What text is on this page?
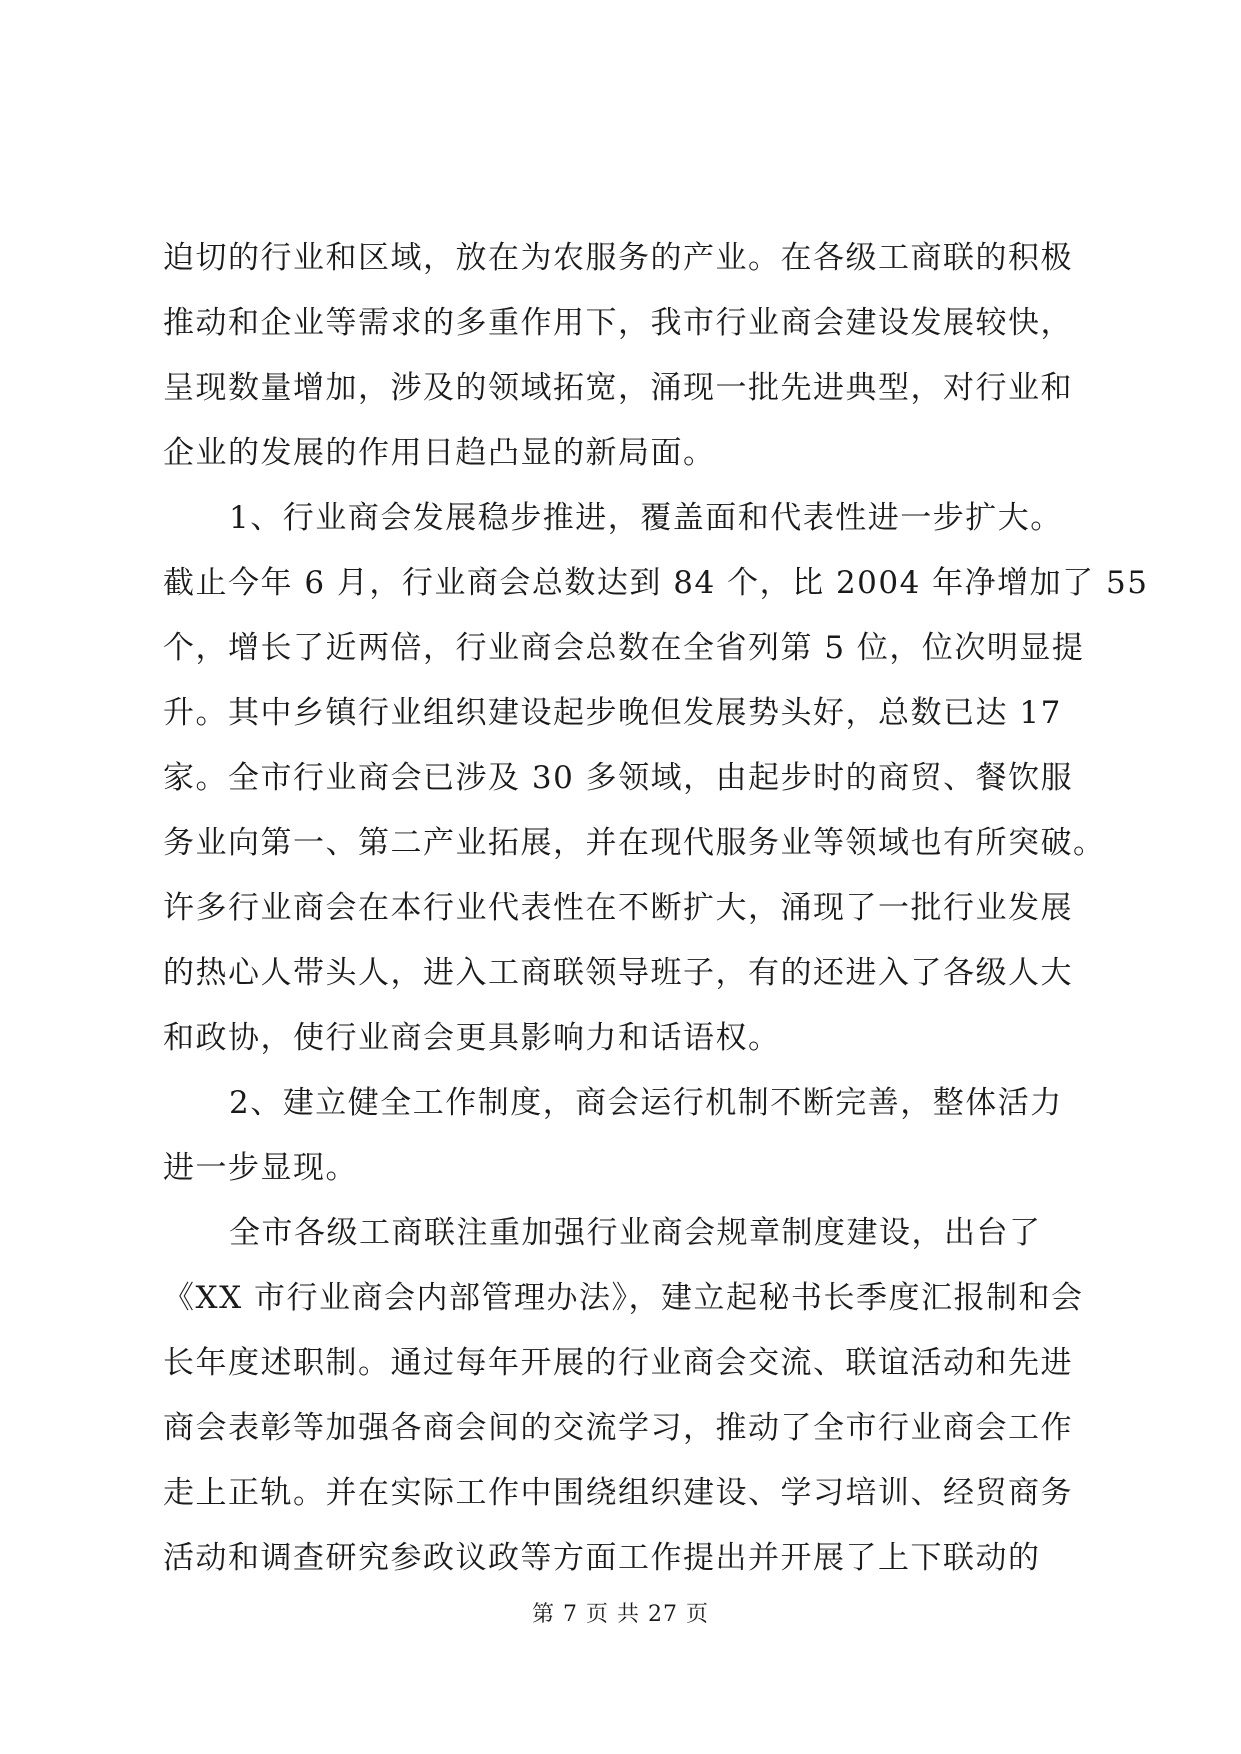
迫切的行业和区域，放在为农服务的产业。在各级工商联的积极
推动和企业等需求的多重作用下，我市行业商会建设发展较快，
呈现数量增加，涉及的领域拓宽，涌现一批先进典型，对行业和
企业的发展的作用日趋凸显的新局面。
1、行业商会发展稳步推进，覆盖面和代表性进一步扩大。
截止今年 6 月，行业商会总数达到 84 个，比 2004 年净增加了 55
个，增长了近两倍，行业商会总数在全省列第 5 位，位次明显提
升。其中乡镇行业组织建设起步晚但发展势头好，总数已达 17
家。全市行业商会已涉及 30 多领域，由起步时的商贸、餐饮服
务业向第一、第二产业拓展，并在现代服务业等领域也有所突破。
许多行业商会在本行业代表性在不断扩大，涌现了一批行业发展
的热心人带头人，进入工商联领导班子，有的还进入了各级人大
和政协，使行业商会更具影响力和话语权。
2、建立健全工作制度，商会运行机制不断完善，整体活力
进一步显现。
全市各级工商联注重加强行业商会规章制度建设，出台了
《XX 市行业商会内部管理办法》，建立起秘书长季度汇报制和会
长年度述职制。通过每年开展的行业商会交流、联谊活动和先进
商会表彰等加强各商会间的交流学习，推动了全市行业商会工作
走上正轨。并在实际工作中围绕组织建设、学习培训、经贸商务
活动和调查研究参政议政等方面工作提出并开展了上下联动的
第 7 页 共 27 页
